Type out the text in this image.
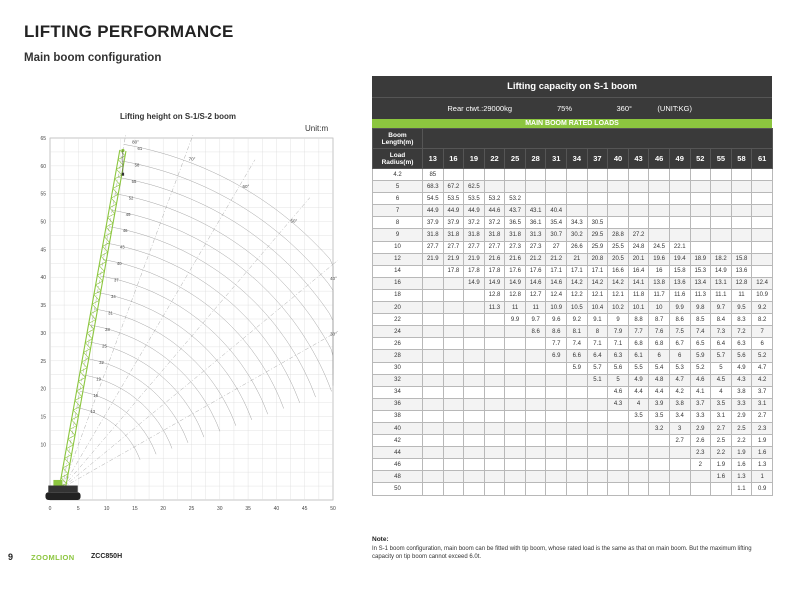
LIFTING PERFORMANCE
Main boom configuration
Lifting height on S-1/S-2 boom
Unit:m
0	5	10	15	20	25	30	35	40	45	50
10
15
20
25
30
35
40
45
50
55
60
65
80°
70°
60°
50°
40°
30°
13
16
19
22
25
28
31
34
37
40
43
46
49
52
55
58
61
Lifting capacity on S-1 boom
Rear ctwt.:29000kg	75%	360°	(UNIT:KG)
MAIN BOOM RATED LOADS
Boom Length(m)																	
Load Radius(m)	13	16	19	22	25	28	31	34	37	40	43	46	49	52	55	58	61
4.2	85																
5	68.3	67.2	62.5														
6	54.5	53.5	53.5	53.2	53.2												
7	44.9	44.9	44.9	44.6	43.7	43.1	40.4										
8	37.9	37.9	37.2	37.2	36.5	36.1	35.4	34.3	30.5								
9	31.8	31.8	31.8	31.8	31.8	31.3	30.7	30.2	29.5	28.8	27.2						
10	27.7	27.7	27.7	27.7	27.3	27.3	27	26.6	25.9	25.5	24.8	24.5	22.1				
12	21.9	21.9	21.9	21.6	21.6	21.2	21.2	21	20.8	20.5	20.1	19.6	19.4	18.9	18.2	15.8	
14		17.8	17.8	17.8	17.6	17.6	17.1	17.1	17.1	16.6	16.4	16	15.8	15.3	14.9	13.6	
16			14.9	14.9	14.9	14.6	14.6	14.2	14.2	14.2	14.1	13.8	13.6	13.4	13.1	12.8	12.4
18				12.8	12.8	12.7	12.4	12.2	12.1	12.1	11.8	11.7	11.6	11.3	11.1	11	10.9
20				11.3	11	11	10.9	10.5	10.4	10.2	10.1	10	9.9	9.8	9.7	9.5	9.2
22					9.9	9.7	9.6	9.2	9.1	9	8.8	8.7	8.6	8.5	8.4	8.3	8.2
24						8.6	8.6	8.1	8	7.9	7.7	7.6	7.5	7.4	7.3	7.2	7
26							7.7	7.4	7.1	7.1	6.8	6.8	6.7	6.5	6.4	6.3	6
28							6.9	6.6	6.4	6.3	6.1	6	6	5.9	5.7	5.6	5.2
30								5.9	5.7	5.6	5.5	5.4	5.3	5.2	5	4.9	4.7
32									5.1	5	4.9	4.8	4.7	4.6	4.5	4.3	4.2
34										4.6	4.4	4.4	4.2	4.1	4	3.8	3.7
36										4.3	4	3.9	3.8	3.7	3.5	3.3	3.1
38											3.5	3.5	3.4	3.3	3.1	2.9	2.7
40												3.2	3	2.9	2.7	2.5	2.3
42													2.7	2.6	2.5	2.2	1.9
44														2.3	2.2	1.9	1.6
46														2	1.9	1.6	1.3
48															1.6	1.3	1
50																1.1	0.9
Note:
In S-1 boom configuration, main boom can be fitted with tip boom, whose rated load is the same as that on main boom. But the maximum lifting capacity on tip boom cannot exceed 6.0t.
9 ZOOMLION ZCC850H
